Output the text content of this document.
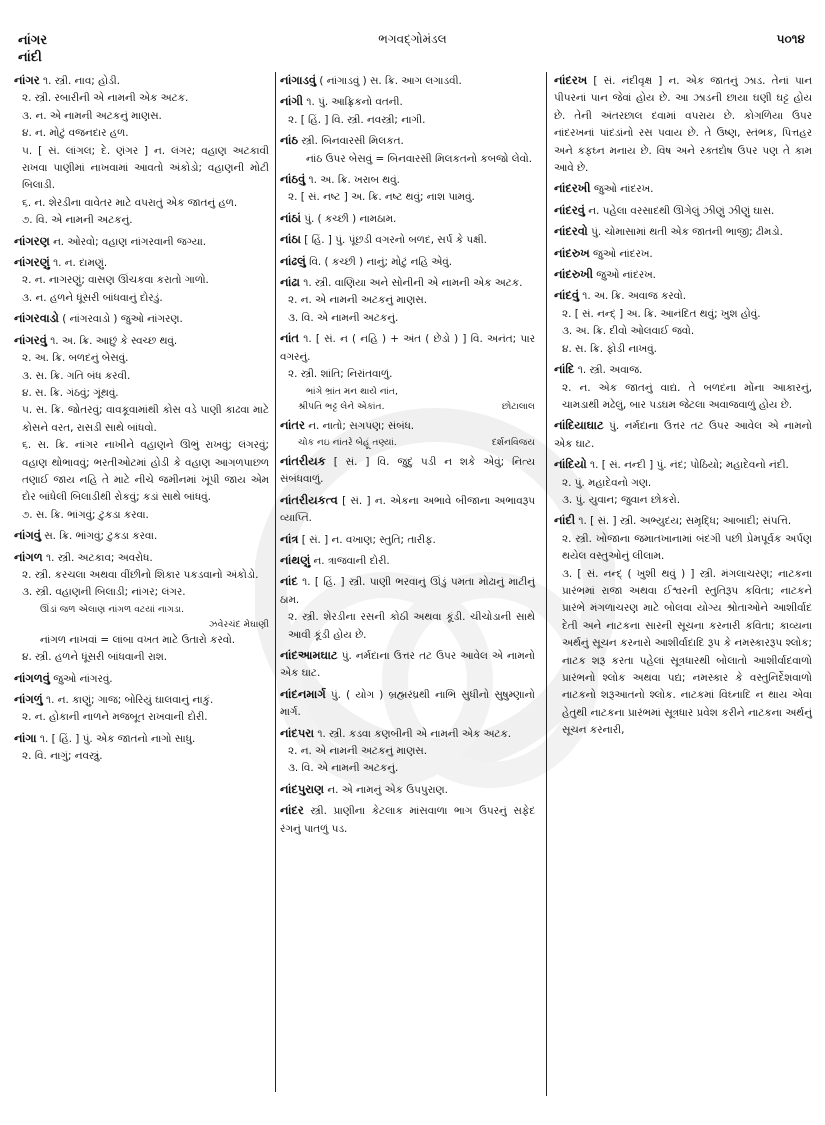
નાંગર
નાંદી
ભગવદ્ગોમંડલ	૫૦૧૪
નાંગર ૧. સ્ત્રી. નાવ; હોડી.
૨. સ્ત્રી. રબારીની એ નામની એક અટક.
૩. ન. એ નામની અટકનું માણસ.
૪. ન. મોટું વજનદાર હળ.
૫. [ સં. લાંગલ; દે. ણંગર ] ન. લંગર; વહાણ અટકાવી રાખવા પાણીમાં નાખવામાં આવતો અંકોડો; વહાણની મોટી બિલાડી.
૬. ન. શેરડીના વાવેતર માટે વપરાતું એક જાતનું હળ.
૭. વિ. એ નામની અટકનું.
નાંગરણ ન. ઓરવો; વહાણ નાંગરવાની જગ્યા.
નાંગરણું ૧. ન. દામણું.
૨. ન. નાગરણું; વાસણ ઊંચકવા કરાતો ગાળો.
૩. ન. હળને ધૂંસરી બાંધવાનું દોરડું.
નાંગરવાડો ( નાંગરવાડો ) જુઓ નાંગરણ.
નાંગરવું ૧. અ. ક્રિ. આછું કે સ્વચ્છ થવું.
૨. અ. ક્રિ. બળદનું બેસવું.
૩. સ. ક્રિ. ગતિ બંધ કરવી.
૪. સ. ક્રિ. ગંઠવું; ગૂંથવું.
૫. સ. ક્રિ. જોતરવું; વાવકૂવામાંથી કોસ વડે પાણી કાઢવા માટે કોસને વરત, રાસડી સાથે બાંધવો.
૬. સ. ક્રિ. નાંગર નાખીને વહાણને ઊભું રાખવું; લંગરવું; વહાણ થોભાવવું; ભરતીઓટમાં હોડી કે વહાણ આગળપાછળ તણાઈ જાય નહિ તે માટે નીચે જમીનમાં ખૂંપી જાય એમ દોર બાંધેલી બિલાડીથી રોકવું; કડાં સાથે બાંધવું.
૭. સ. ક્રિ. ભાંગવું; ટુકડા કરવા.
નાંગવું સ. ક્રિ. ભાંગવું; ટુકડા કરવા.
નાંગળ ૧. સ્ત્રી. અટકાવ; અવરોધ.
૨. સ્ત્રી. કરચલા અથવા વીંછીનો શિકાર પકડવાનો અંકોડો.
૩. સ્ત્રી. વહાણની બિલાડી; નાંગર; લંગર.
ઊંડાં જળ એલાણ નાંગળ વટયાં નાગડા.
ઝવેરચંદ મેઘાણી
નાંગળ નાખવાં = લાંબા વખત માટે ઉતારો કરવો.
૪. સ્ત્રી. હળને ધૂંસરી બાંધવાની રાશ.
નાંગળવું જુઓ નાંગરવું.
નાંગળું ૧. ન. કાણું; ગાજ; બોરિયું ઘાલવાનું નાકું.
૨. ન. હોકાની નાળને મજબૂત રાખવાની દોરી.
નાંગા ૧. [ હિં. ] પું. એક જાતનો નાગો સાધુ.
૨. વિ. નાગું; નવસ્ત્રું.
નાંગાડવું ( નાંગાડવું ) સ. ક્રિ. આગ લગાડવી.
નાંગી ૧. પું. આફ્રિકનો વતની.
૨. [ હિં. ] વિ. સ્ત્રી. નવસ્ત્રી; નાગી.
નાંઠ સ્ત્રી. બિનવારસી મિલકત.
નાંઠ ઉપર બેસવું = બિનવારસી મિલકતનો કબજો લેવો.
નાંઠવું ૧. અ. ક્રિ. ખરાબ થવું.
૨. [ સં. નષ્ટ ] અ. ક્રિ. નષ્ટ થવું; નાશ પામવું.
નાંઠાં પું. ( કચ્છી ) નામઠામ.
નાંઠા [ હિં. ] પું. પૂંછડી વગરનો બળદ, સર્પ કે પક્ષી.
નાંઢલું વિ. ( કચ્છી ) નાનું; મોટું નહિ એવું.
નાંઢા ૧. સ્ત્રી. વાણિયા અને સોનીની એ નામની એક અટક.
૨. ન. એ નામની અટકનું માણસ.
૩. વિ. એ નામની અટકનું.
નાંત ૧. [ સં. ન ( નહિ ) + અંત ( છેડો ) ] વિ. અનંત; પાર વગરનું.
૨. સ્ત્રી. શાંતિ; નિરાંતવાળું.
ભાંગે ભ્રાંત મન થાયે નાંત,
શ્રીપતિ ભટ્ટ લેને એકાંત.	છોટાલાલ
નાંતર ન. નાતો; સગપણ; સંબંધ.
ચોક નઇ નાંતરે બેહૂં તણ્યાં.	દર્શનવિજય
નાંતરીયક [ સં. ] વિ. જુદું પડી ન શકે એવું; નિત્ય સંબંધવાળું.
નાંતરીયકત્વ [ સં. ] ન. એકના અભાવે બીજાના અભાવરૂપ વ્યાપ્તિ.
નાંત્ર [ સં. ] ન. વખાણ; સ્તુતિ; તારીફ.
નાંથણું ન. ત્રાજવાની દોરી.
નાંદ ૧. [ હિં. ] સ્ત્રી. પાણી ભરવાનું ઊંડું પમતા મોઢાનું માટીનું ઠામ.
૨. સ્ત્રી. શેરડીના રસની કોઠી અથવા કૂંડી. ચીચોડાની સાથે આવી કૂંડી હોય છે.
નાંદઆમઘાટ પું. નર્મદાના ઉત્તર તટ ઉપર આવેલ એ નામનો એક ઘાટ.
નાંદનમાર્ગ પું. ( યોગ ) બ્રહ્મરંધ્રથી નાભિ સુધીનો સુષુમ્ણાનો માર્ગ.
નાંદપરા ૧. સ્ત્રી. કડવા કણબીની એ નામની એક અટક.
૨. ન. એ નામની અટકનું માણસ.
૩. વિ. એ નામની અટકનું.
નાંદપુરાણ ન. એ નામનું એક ઉપપુરાણ.
નાંદર સ્ત્રી. પ્રાણીના કેટલાક માંસવાળા ભાગ ઉપરનું સફેદ રંગનું પાતળું પડ.
નાંદરખ [ સં. નંદીવૃક્ષ ] ન. એક જાતનું ઝાડ. તેનાં પાન પીપરનાં પાન જેવાં હોય છે. આ ઝાડની છાયા ઘણી ઘટ્ટ હોય છે. તેની અંતરછાલ દવામાં વપરાય છે. કોગળિયા ઉપર નાંદરખનાં પાંદડાંનો રસ પવાય છે. તે ઉષ્ણ, સ્તંભક, પિત્તહર અને કફઘ્ન મનાય છે. વિષ અને રક્તદોષ ઉપર પણ તે કામ આવે છે.
નાંદરખી જુઓ નાંદરખ.
નાંદરવું ન. પહેલા વરસાદથી ઊગેલું ઝીણું ઝીણું ઘાસ.
નાંદરવો પું. ચોમાસામાં થતી એક જાતની ભાજી; ઢીમડો.
નાંદરુખ જુઓ નાંદરખ.
નાંદરુખી જુઓ નાંદરખ.
નાંદવું ૧. અ. ક્રિ. અવાજ કરવો.
૨. [ સં. નન્દ્ ] અ. ક્રિ. આનંદિત થવું; ખુશ હોવું.
૩. અ. ક્રિ. દીવો ઓલવાઈ જવો.
૪. સ. ક્રિ. ફોડી નાખવું.
નાંદિ ૧. સ્ત્રી. અવાજ.
૨. ન. એક જાતનું વાદ્ય. તે બળદના મોંના આકારનું, ચામડાથી મઢેલું, બાર પડઘમ જેટલા અવાજવાળું હોય છે.
નાંદિયાઘાટ પું. નર્મદાના ઉત્તર તટ ઉપર આવેલ એ નામનો એક ઘાટ.
નાંદિયો ૧. [ સં. નન્દી ] પું. નંદ; પોઠિયો; મહાદેવનો નંદી.
૨. પું. મહાદેવનો ગણ.
૩. પું. યુવાન; જુવાન છોકરો.
નાંદી ૧. [ સં. ] સ્ત્રી. અભ્યુદય; સમૃદ્ધિ; આબાદી; સંપત્તિ.
૨. સ્ત્રી. ખોજાના જમાતખાનામાં બંદગી પછી પ્રેમપૂર્વક અર્પણ થયેલ વસ્તુઓનું લીલામ.
૩. [ સં. નન્દ્ ( ખુશી થવું ) ] સ્ત્રી. મંગલાચરણ; નાટકના પ્રારંભમાં રાજા અથવા ઈશ્વરની સ્તુતિરૂપ કવિતા; નાટકને પ્રારંભે મંગળાચરણ માટે બોલવા યોગ્ય શ્રોતાઓને આશીર્વાદ દેતી અને નાટકના સારની સૂચના કરનારી કવિતા; કાવ્યના અર્થનું સૂચન કરનારો આશીર્વાદાદિ રૂપ કે નમસ્કારરૂપ શ્લોક; નાટક શરૂ કરતા પહેલાં સૂત્રધારથી બોલાતો આશીર્વાદવાળો પ્રારંભનો શ્લોક અથવા પદ્ય; નમસ્કાર કે વસ્તુનિર્દેશવાળો નાટકનો શરૂઆતનો શ્લોક. નાટકમાં વિઘ્નાદિ ન થાય એવા હેતુથી નાટકના પ્રારંભમાં સૂત્રધાર પ્રવેશ કરીને નાટકના અર્થનું સૂચન કરનારી,
